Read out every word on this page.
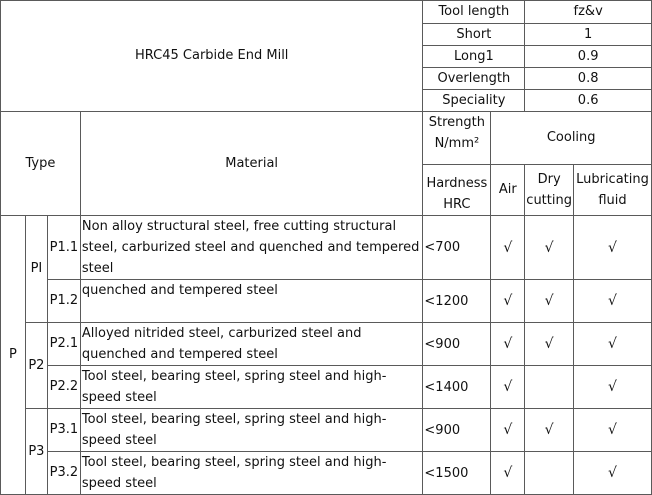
HRC45 Carbide End Mill				Tool length		fz&v	
				Short		1	
				Long1		0.9	
				Overlength		0.8	
				Speciality		0.6	
Type			Material	Strength N/mm²	Cooling		
				Hardness HRC	Air	Dry cutting	Lubricating fluid
P	PI	P1.1	Non alloy structural steel, free cutting structural steel, carburized steel and quenched and tempered steel	<700	√	√	√
		P1.2	quenched and tempered steel	<1200	√	√	√
	P2	P2.1	Alloyed nitrided steel, carburized steel and quenched and tempered steel	<900	√	√	√
		P2.2	Tool steel, bearing steel, spring steel and high-speed steel	<1400	√		√
	P3	P3.1	Tool steel, bearing steel, spring steel and high-speed steel	<900	√	√	√
		P3.2	Tool steel, bearing steel, spring steel and high-speed steel	<1500	√		√
